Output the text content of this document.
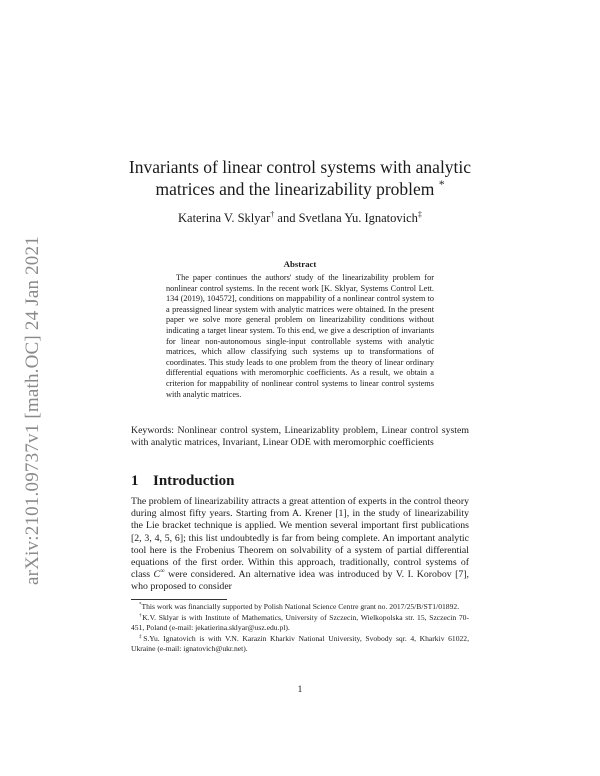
arXiv:2101.09737v1 [math.OC] 24 Jan 2021
Invariants of linear control systems with analytic
matrices and the linearizability problem *
Katerina V. Sklyar† and Svetlana Yu. Ignatovich‡
Abstract
The paper continues the authors' study of the linearizability problem for nonlinear control systems. In the recent work [K. Sklyar, Systems Control Lett. 134 (2019), 104572], conditions on mappability of a nonlinear control system to a preassigned linear system with analytic matrices were obtained. In the present paper we solve more general problem on linearizability conditions without indicating a target linear system. To this end, we give a description of invariants for linear non-autonomous single-input controllable systems with analytic matrices, which allow classifying such systems up to transformations of coordinates. This study leads to one problem from the theory of linear ordinary differential equations with meromorphic coefficients. As a result, we obtain a criterion for mappability of nonlinear control systems to linear control systems with analytic matrices.
Keywords: Nonlinear control system, Linearizablity problem, Linear control system with analytic matrices, Invariant, Linear ODE with meromorphic coefficients
1 Introduction
The problem of linearizability attracts a great attention of experts in the control theory during almost fifty years. Starting from A. Krener [1], in the study of linearizability the Lie bracket technique is applied. We mention several important first publications [2, 3, 4, 5, 6]; this list undoubtedly is far from being complete. An important analytic tool here is the Frobenius Theorem on solvability of a system of partial differential equations of the first order. Within this approach, traditionally, control systems of class C∞ were considered. An alternative idea was introduced by V. I. Korobov [7], who proposed to consider
*This work was financially supported by Polish National Science Centre grant no. 2017/25/B/ST1/01892.
†K.V. Sklyar is with Institute of Mathematics, University of Szczecin, Wielkopolska str. 15, Szczecin 70-451, Poland (e-mail: jekatierina.sklyar@usz.edu.pl).
‡S.Yu. Ignatovich is with V.N. Karazin Kharkiv National University, Svobody sqr. 4, Kharkiv 61022, Ukraine (e-mail: ignatovich@ukr.net).
1
